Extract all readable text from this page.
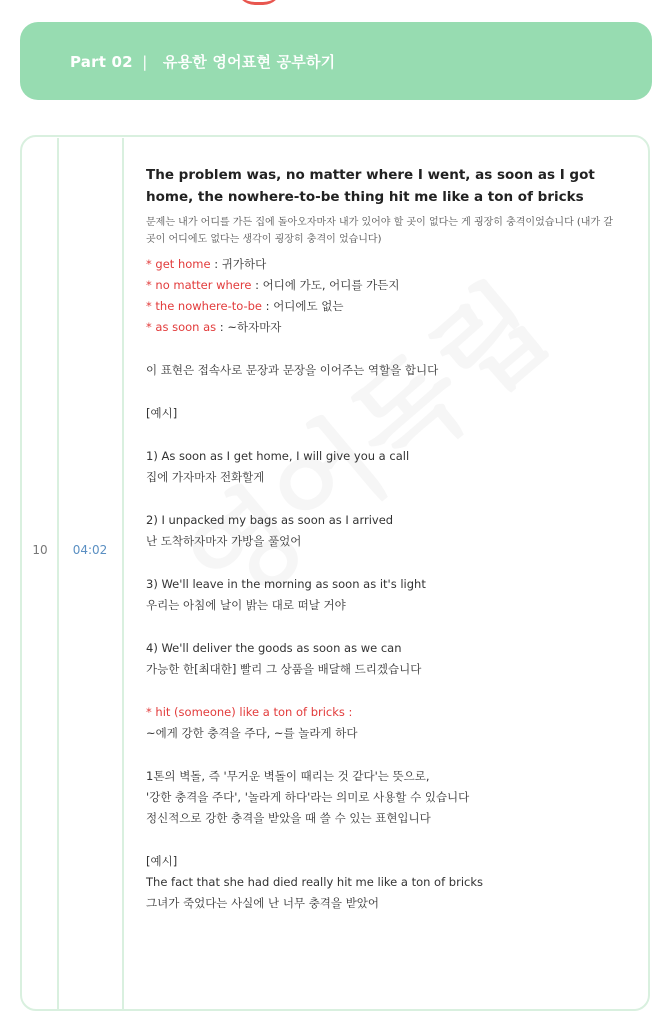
Part 02 | 유용한 영어표현 공부하기
10	04:02

The problem was, no matter where I went, as soon as I got home, the nowhere-to-be thing hit me like a ton of bricks

문제는 내가 어디를 가든 집에 돌아오자마자 내가 있어야 할 곳이 없다는 게 굉장히 충격이었습니다 (내가 갈 곳이 어디에도 없다는 생각이 굉장히 충격이 었습니다)

* get home : 귀가하다
* no matter where : 어디에 가도, 어디를 가든지
* the nowhere-to-be : 어디에도 없는
* as soon as : ~하자마자

이 표현은 접속사로 문장과 문장을 이어주는 역할을 합니다

[예시]

1) As soon as I get home, I will give you a call

집에 가자마자 전화할게

2) I unpacked my bags as soon as I arrived

난 도착하자마자 가방을 풀었어

3) We'll leave in the morning as soon as it's light

우리는 아침에 날이 밝는 대로 떠날 거야

4) We'll deliver the goods as soon as we can

가능한 한[최대한] 빨리 그 상품을 배달해 드리겠습니다

* hit (someone) like a ton of bricks :

~에게 강한 충격을 주다, ~를 놀라게 하다

1톤의 벽돌, 즉 '무거운 벽돌이 때리는 것 같다'는 뜻으로,

'강한 충격을 주다', '놀라게 하다'라는 의미로 사용할 수 있습니다

정신적으로 강한 충격을 받았을 때 쓸 수 있는 표현입니다

[예시]

The fact that she had died really hit me like a ton of bricks

그녀가 죽었다는 사실에 난 너무 충격을 받았어
